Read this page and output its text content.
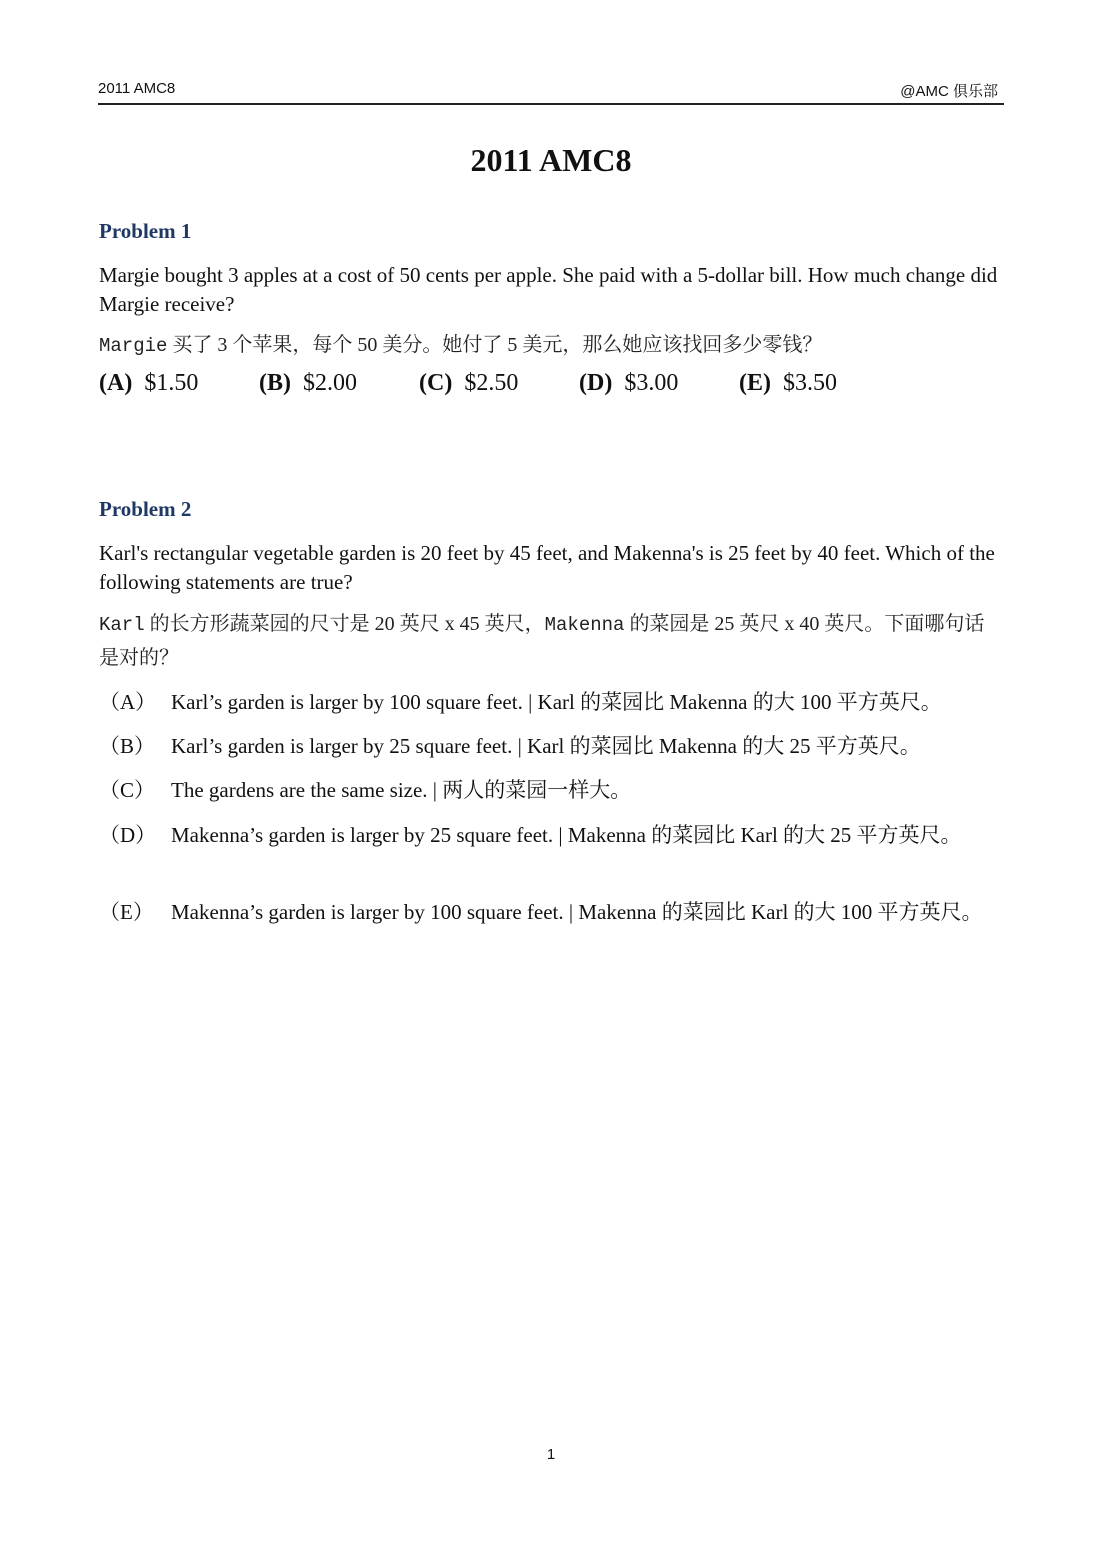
2011 AMC8	@AMC 俱乐部
2011 AMC8

Problem 1

Margie bought 3 apples at a cost of 50 cents per apple. She paid with a 5-dollar bill. How much change did Margie receive?

Margie 买了 3 个苹果，每个 50 美分。她付了 5 美元，那么她应该找回多少零钱？

(A) $1.50	(B) $2.00	(C) $2.50	(D) $3.00	(E) $3.50

Problem 2

Karl's rectangular vegetable garden is 20 feet by 45 feet, and Makenna's is 25 feet by 40 feet. Which of the following statements are true?

Karl 的长方形蔬菜园的尺寸是 20 英尺 x 45 英尺，Makenna 的菜园是 25 英尺 x 40 英尺。下面哪句话是对的？

（A） Karl’s garden is larger by 100 square feet. | Karl 的菜园比 Makenna 的大 100 平方英尺。

（B） Karl’s garden is larger by 25 square feet. | Karl 的菜园比 Makenna 的大 25 平方英尺。

（C） The gardens are the same size. | 两人的菜园一样大。

（D） Makenna’s garden is larger by 25 square feet. | Makenna 的菜园比 Karl 的大 25 平方英尺。

（E） Makenna’s garden is larger by 100 square feet. | Makenna 的菜园比 Karl 的大 100 平方英尺。

1
